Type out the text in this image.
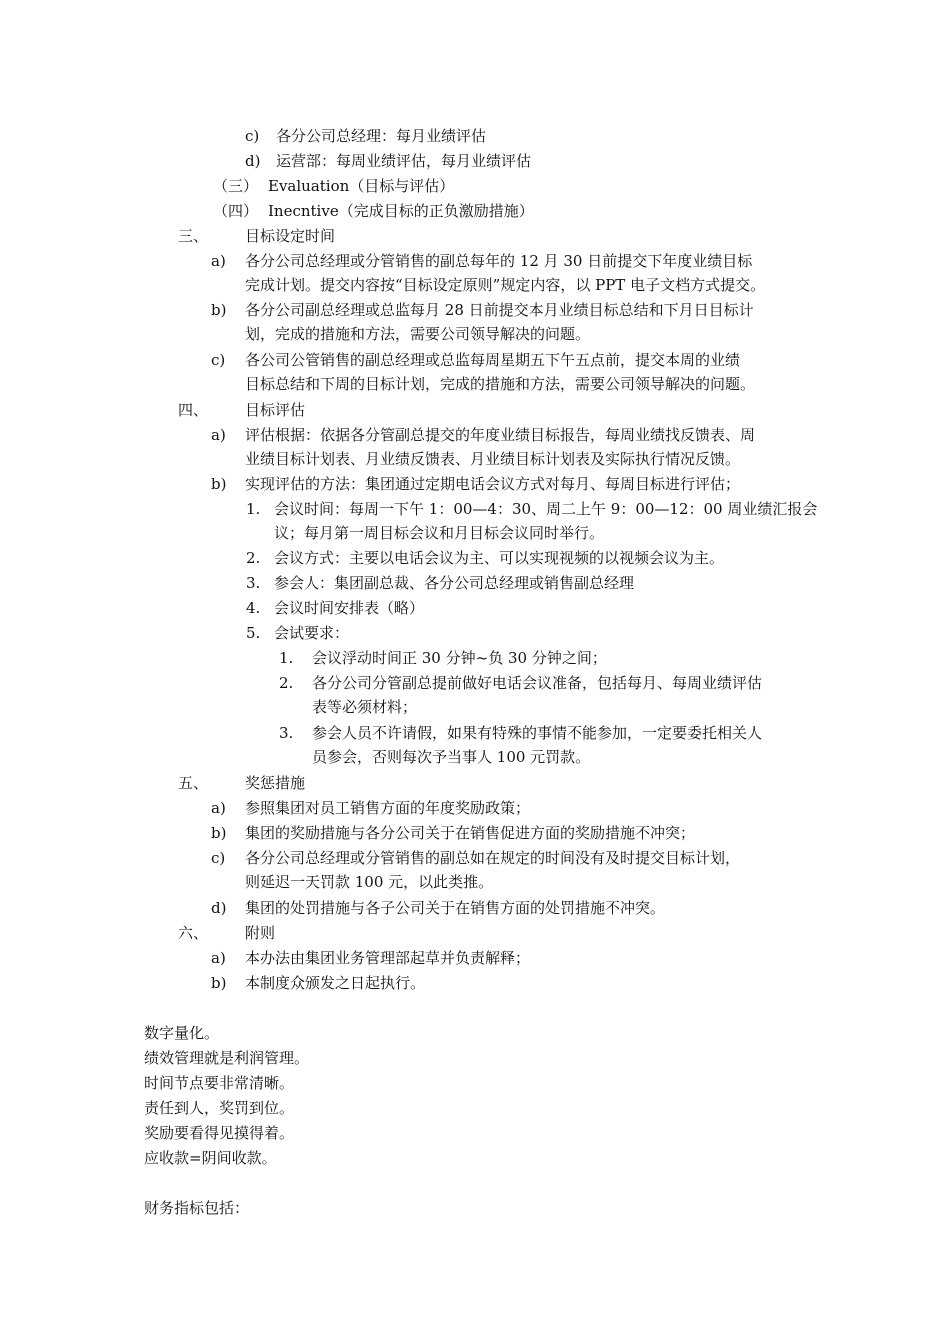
c) 各分公司总经理：每月业绩评估
d) 运营部：每周业绩评估，每月业绩评估
（三） Evaluation（目标与评估）
（四） Inecntive（完成目标的正负激励措施）
三、 目标设定时间
a) 各分公司总经理或分管销售的副总每年的 12 月 30 日前提交下年度业绩目标
完成计划。提交内容按“目标设定原则”规定内容，以 PPT 电子文档方式提交。
b) 各分公司副总经理或总监每月 28 日前提交本月业绩目标总结和下月日目标计
划，完成的措施和方法，需要公司领导解决的问题。
c) 各公司公管销售的副总经理或总监每周星期五下午五点前，提交本周的业绩
目标总结和下周的目标计划，完成的措施和方法，需要公司领导解决的问题。
四、 目标评估
a) 评估根据：依据各分管副总提交的年度业绩目标报告，每周业绩找反馈表、周
业绩目标计划表、月业绩反馈表、月业绩目标计划表及实际执行情况反馈。
b) 实现评估的方法：集团通过定期电话会议方式对每月、每周目标进行评估；
1. 会议时间：每周一下午 1：00—4：30、周二上午 9：00—12：00 周业绩汇报会
议；每月第一周目标会议和月目标会议同时举行。
2. 会议方式：主要以电话会议为主、可以实现视频的以视频会议为主。
3. 参会人：集团副总裁、各分公司总经理或销售副总经理
4. 会议时间安排表（略）
5. 会试要求：
1. 会议浮动时间正 30 分钟~负 30 分钟之间；
2. 各分公司分管副总提前做好电话会议准备，包括每月、每周业绩评估
表等必须材料；
3. 参会人员不许请假，如果有特殊的事情不能参加，一定要委托相关人
员参会，否则每次予当事人 100 元罚款。
五、 奖惩措施
a) 参照集团对员工销售方面的年度奖励政策；
b) 集团的奖励措施与各分公司关于在销售促进方面的奖励措施不冲突；
c) 各分公司总经理或分管销售的副总如在规定的时间没有及时提交目标计划，
则延迟一天罚款 100 元，以此类推。
d) 集团的处罚措施与各子公司关于在销售方面的处罚措施不冲突。
六、 附则
a) 本办法由集团业务管理部起草并负责解释；
b) 本制度众颁发之日起执行。
数字量化。
绩效管理就是利润管理。
时间节点要非常清晰。
责任到人，奖罚到位。
奖励要看得见摸得着。
应收款=阴间收款。
财务指标包括：
